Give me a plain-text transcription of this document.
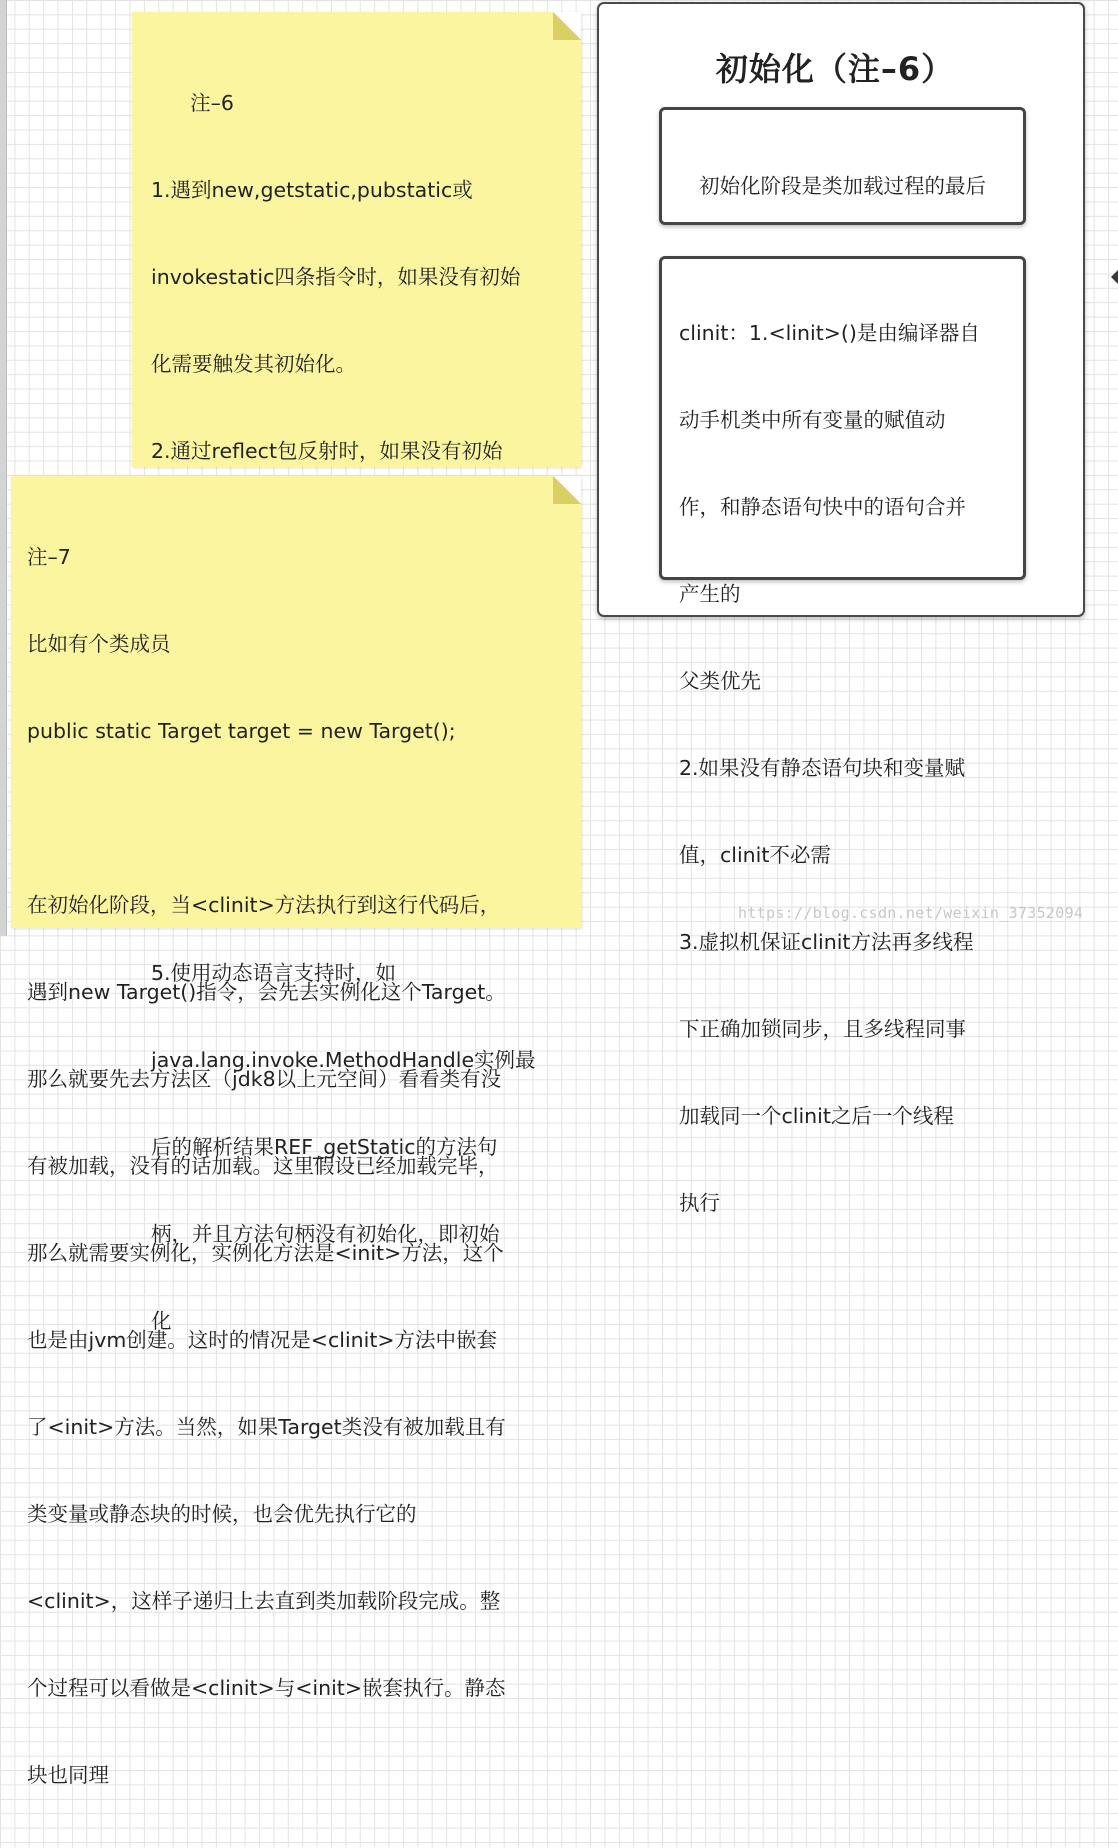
注–6

1.遇到new,getstatic,pubstatic或

invokestatic四条指令时，如果没有初始

化需要触发其初始化。

2.通过reflect包反射时，如果没有初始

5.使用动态语言支持时，如

java.lang.invoke.MethodHandle实例最

后的解析结果REF_getStatic的方法句

柄，并且方法句柄没有初始化，即初始

化

注–7

比如有个类成员

public static Target target = new Target();

在初始化阶段，当<clinit>方法执行到这行代码后，

遇到new Target()指令，会先去实例化这个Target。

那么就要先去方法区（jdk8以上元空间）看看类有没

有被加载，没有的话加载。这里假设已经加载完毕，

那么就需要实例化，实例化方法是<init>方法，这个

也是由jvm创建。这时的情况是<clinit>方法中嵌套

了<init>方法。当然，如果Target类没有被加载且有

类变量或静态块的时候，也会优先执行它的

<clinit>，这样子递归上去直到类加载阶段完成。整

个过程可以看做是<clinit>与<init>嵌套执行。静态

块也同理

初始化（注–6）

初始化阶段是类加载过程的最后

clinit：1.<linit>()是由编译器自

动手机类中所有变量的赋值动

作，和静态语句快中的语句合并

产生的

父类优先

2.如果没有静态语句块和变量赋

值，clinit不必需

3.虚拟机保证clinit方法再多线程

下正确加锁同步，且多线程同事

加载同一个clinit之后一个线程

执行

https://blog.csdn.net/weixin_37352094
